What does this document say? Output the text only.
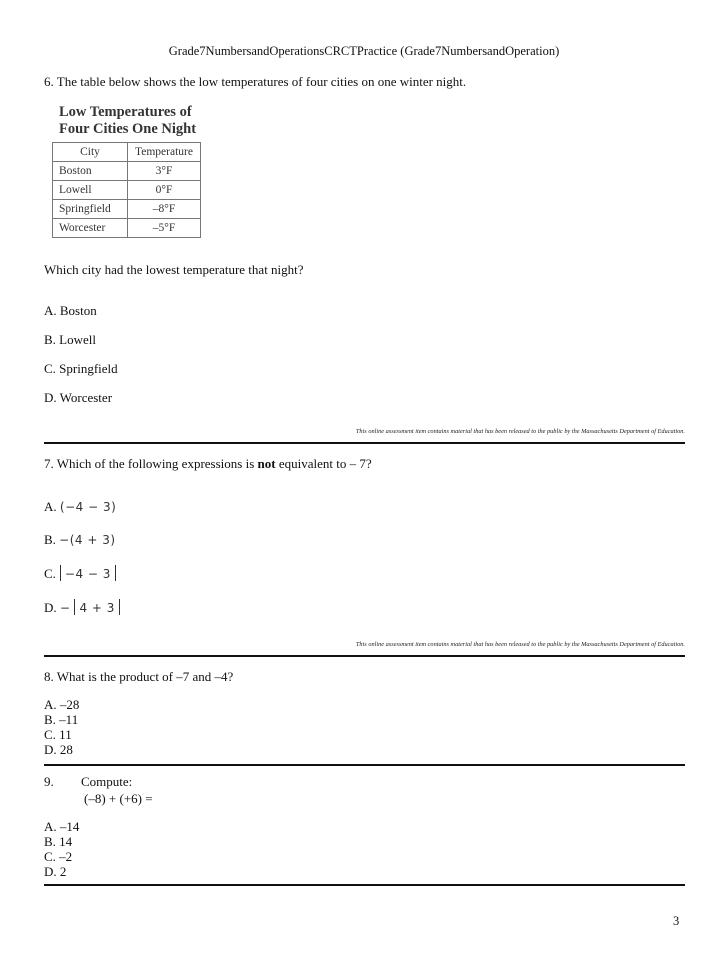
Grade7NumbersandOperationsCRCTPractice (Grade7NumbersandOperation)
6. The table below shows the low temperatures of four cities on one winter night.
Low Temperatures of
Four Cities One Night
City	Temperature
Boston	3°F
Lowell	0°F
Springfield	–8°F
Worcester	–5°F
Which city had the lowest temperature that night?
A. Boston
B. Lowell
C. Springfield
D. Worcester
This online assessment item contains material that has been released to the public by the Massachusetts Department of Education.
7. Which of the following expressions is not equivalent to – 7?
A. (−4 − 3)
B. −(4 + 3)
C. −4 − 3
D. − 4 + 3
This online assessment item contains material that has been released to the public by the Massachusetts Department of Education.
8. What is the product of –7 and –4?
A. –28
B. –11
C. 11
D. 28
9. Compute:
(–8) + (+6) =
A. –14
B. 14
C. –2
D. 2
3
